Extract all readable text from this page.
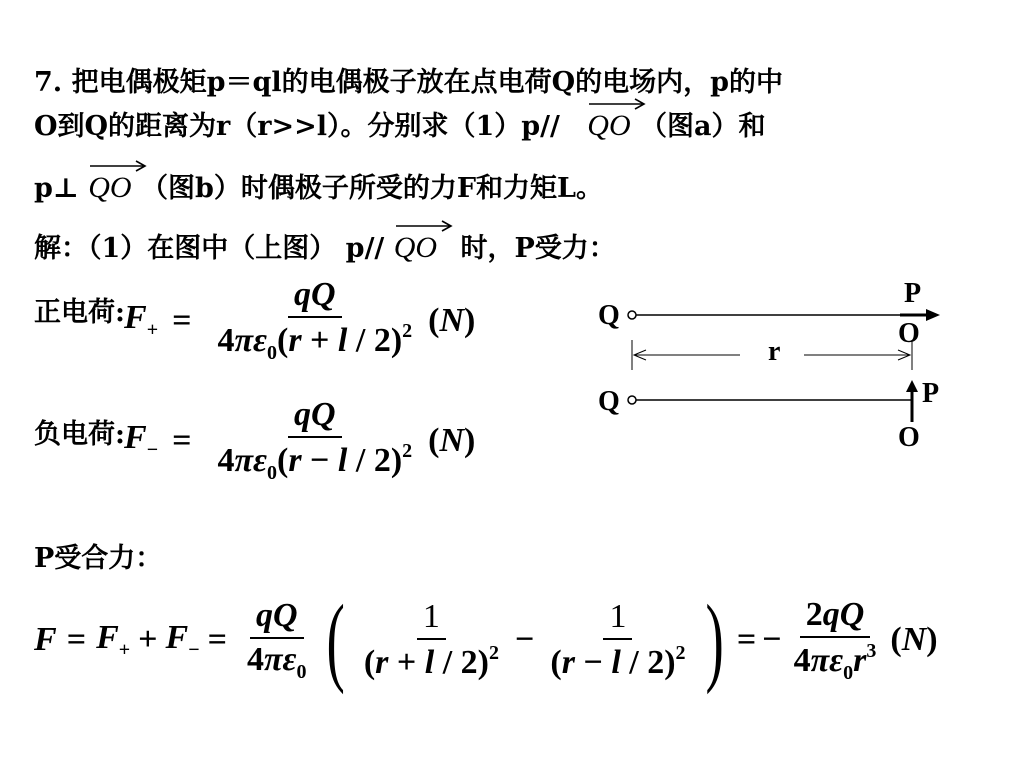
7. 把电偶极矩p＝ql的电偶极子放在点电荷Q的电场内，p的中
O到Q的距离为r（r>>l）。分别求（1）p// QO （图a）和
p⊥ QO （图b）时偶极子所受的力F和力矩L。
解：（1）在图中（上图） p// QO 时，P受力：
正电荷: $F_+ = \frac{qQ}{4\pi\varepsilon_0(r + l / 2)^2} (N)$
负电荷: $F_- = \frac{qQ}{4\pi\varepsilon_0(r - l / 2)^2} (N)$
Q
P
O
r
Q	P
O
P受合力：
$F = F_+ + F_- = \frac{qQ}{4\pi\varepsilon_0}$ ( $\frac{1}{(r + l / 2)^2} - \frac{1}{(r - l / 2)^2}$ ) = − $\frac{2qQ}{4\pi\varepsilon_0r^3} (N)$
